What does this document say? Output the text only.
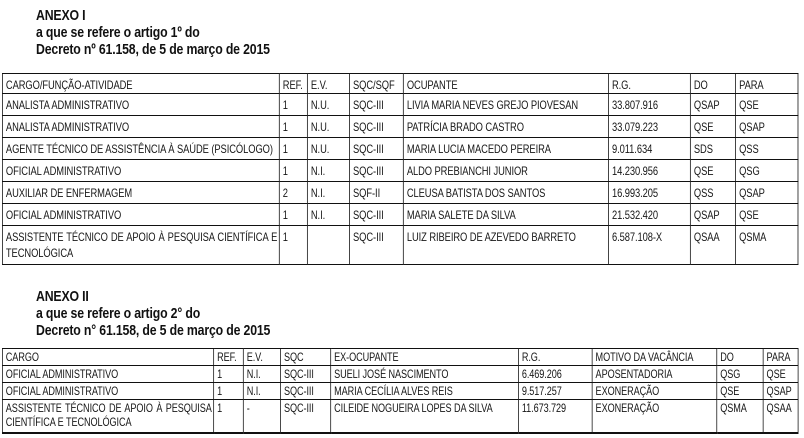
ANEXO I
a que se refere o artigo 1º do
Decreto nº 61.158, de 5 de março de 2015
CARGO/FUNÇÃO-ATIVIDADE	REF.	E.V.	SQC/SQF	OCUPANTE	R.G.	DO	PARA
ANALISTA ADMINISTRATIVO	1	N.U.	SQC-III	LIVIA MARIA NEVES GREJO PIOVESAN	33.807.916	QSAP	QSE
ANALISTA ADMINISTRATIVO	1	N.U.	SQC-III	PATRÍCIA BRADO CASTRO	33.079.223	QSE	QSAP
AGENTE TÉCNICO DE ASSISTÊNCIA À SAÚDE (PSICÓLOGO)	1	N.U.	SQC-III	MARIA LUCIA MACEDO PEREIRA	9.011.634	SDS	QSS
OFICIAL ADMINISTRATIVO	1	N.I.	SQC-III	ALDO PREBIANCHI JUNIOR	14.230.956	QSE	QSG
AUXILIAR DE ENFERMAGEM	2	N.I.	SQF-II	CLEUSA BATISTA DOS SANTOS	16.993.205	QSS	QSAP
OFICIAL ADMINISTRATIVO	1	N.I.	SQC-III	MARIA SALETE DA SILVA	21.532.420	QSAP	QSE
ASSISTENTE TÉCNICO DE APOIO À PESQUISA CIENTÍFICA E TECNOLÓGICA	1		SQC-III	LUIZ RIBEIRO DE AZEVEDO BARRETO	6.587.108-X	QSAA	QSMA
ANEXO II
a que se refere o artigo 2° do
Decreto n° 61.158, de 5 de março de 2015
CARGO	REF.	E.V.	SQC	EX-OCUPANTE	R.G.	MOTIVO DA VACÂNCIA	DO	PARA
OFICIAL ADMINISTRATIVO	1	N.I.	SQC-III	SUELI JOSÉ NASCIMENTO	6.469.206	APOSENTADORIA	QSG	QSE
OFICIAL ADMINISTRATIVO	1	N.I.	SQC-III	MARIA CECÍLIA ALVES REIS	9.517.257	EXONERAÇÃO	QSE	QSAP
ASSISTENTE TÉCNICO DE APOIO À PESQUISA CIENTÍFICA E TECNOLÓGICA	1	-	SQC-III	CILEIDE NOGUEIRA LOPES DA SILVA	11.673.729	EXONERAÇÃO	QSMA	QSAA
